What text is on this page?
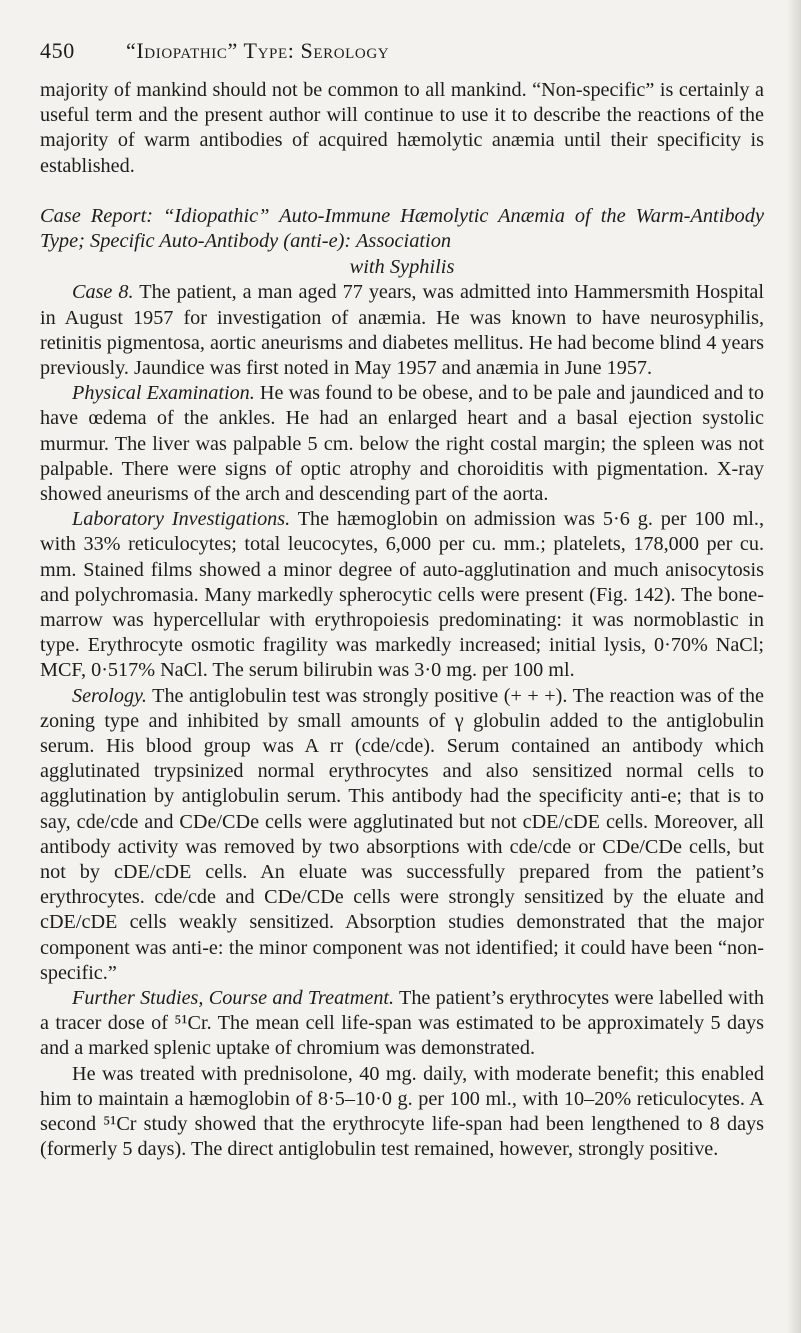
450	“Idiopathic” Type: Serology

majority of mankind should not be common to all mankind. “Non-specific” is certainly a useful term and the present author will continue to use it to describe the reactions of the majority of warm antibodies of acquired hæmolytic anæmia until their specificity is established.

Case Report: “Idiopathic” Auto-Immune Hæmolytic Anæmia of the Warm-Antibody Type; Specific Auto-Antibody (anti-e): Association
with Syphilis

Case 8. The patient, a man aged 77 years, was admitted into Hammersmith Hospital in August 1957 for investigation of anæmia. He was known to have neurosyphilis, retinitis pigmentosa, aortic aneurisms and diabetes mellitus. He had become blind 4 years previously. Jaundice was first noted in May 1957 and anæmia in June 1957.

Physical Examination. He was found to be obese, and to be pale and jaundiced and to have œdema of the ankles. He had an enlarged heart and a basal ejection systolic murmur. The liver was palpable 5 cm. below the right costal margin; the spleen was not palpable. There were signs of optic atrophy and choroiditis with pigmentation. X-ray showed aneurisms of the arch and descending part of the aorta.

Laboratory Investigations. The hæmoglobin on admission was 5·6 g. per 100 ml., with 33% reticulocytes; total leucocytes, 6,000 per cu. mm.; platelets, 178,000 per cu. mm. Stained films showed a minor degree of auto-agglutination and much anisocytosis and polychromasia. Many markedly spherocytic cells were present (Fig. 142). The bone-marrow was hypercellular with erythropoiesis predominating: it was normoblastic in type. Erythrocyte osmotic fragility was markedly increased; initial lysis, 0·70% NaCl; MCF, 0·517% NaCl. The serum bilirubin was 3·0 mg. per 100 ml.

Serology. The antiglobulin test was strongly positive (+ + +). The reaction was of the zoning type and inhibited by small amounts of γ globulin added to the antiglobulin serum. His blood group was A rr (cde/cde). Serum contained an antibody which agglutinated trypsinized normal erythrocytes and also sensitized normal cells to agglutination by antiglobulin serum. This antibody had the specificity anti-e; that is to say, cde/cde and CDe/CDe cells were agglutinated but not cDE/cDE cells. Moreover, all antibody activity was removed by two absorptions with cde/cde or CDe/CDe cells, but not by cDE/cDE cells. An eluate was successfully prepared from the patient’s erythrocytes. cde/cde and CDe/CDe cells were strongly sensitized by the eluate and cDE/cDE cells weakly sensitized. Absorption studies demonstrated that the major component was anti-e: the minor component was not identified; it could have been “non-specific.”

Further Studies, Course and Treatment. The patient’s erythrocytes were labelled with a tracer dose of ⁵¹Cr. The mean cell life-span was estimated to be approximately 5 days and a marked splenic uptake of chromium was demonstrated.

He was treated with prednisolone, 40 mg. daily, with moderate benefit; this enabled him to maintain a hæmoglobin of 8·5–10·0 g. per 100 ml., with 10–20% reticulocytes. A second ⁵¹Cr study showed that the erythrocyte life-span had been lengthened to 8 days (formerly 5 days). The direct antiglobulin test remained, however, strongly positive.
